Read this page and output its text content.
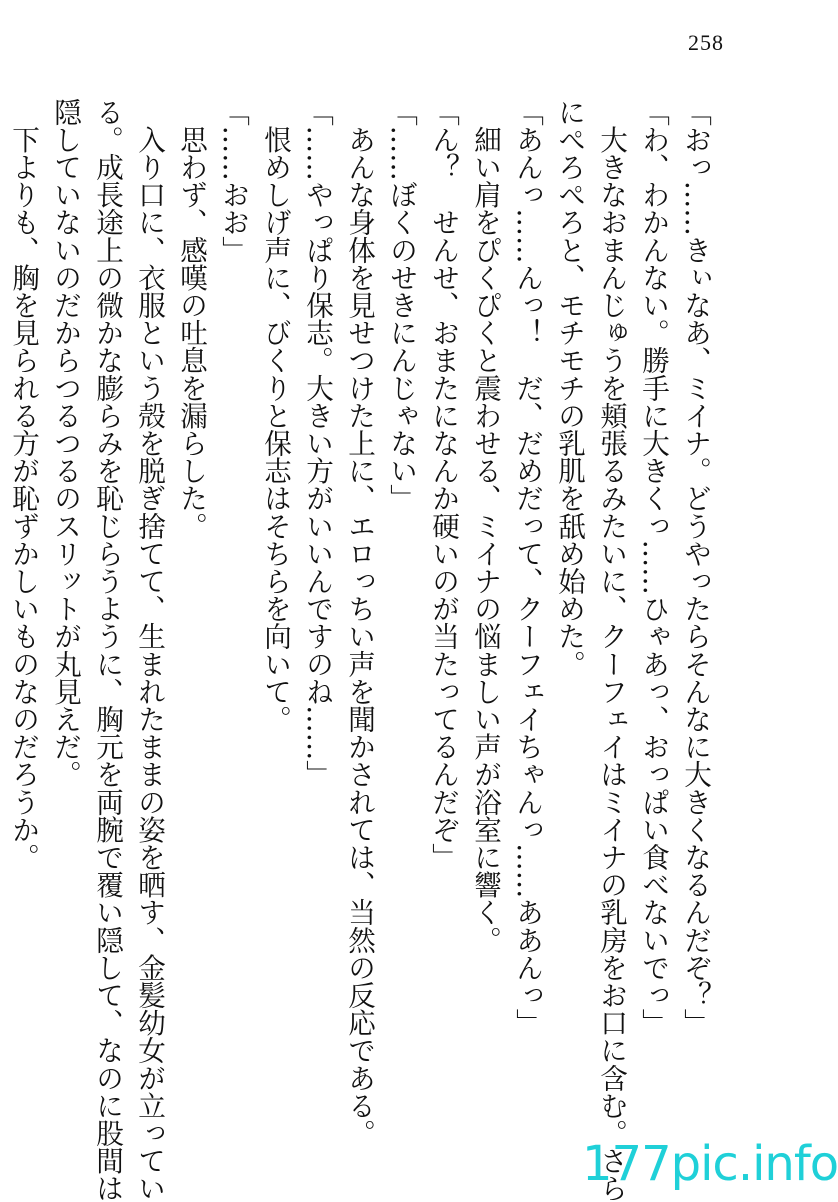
258
「おっ……きぃなあ、ミイナ。どうやったらそんなに大きくなるんだぞ？」
「わ、わかんない。勝手に大きくっ……ひゃあっ、おっぱい食べないでっ」
　大きなおまんじゅうを頬張るみたいに、クーフェイはミイナの乳房をお口に含む。さら
にぺろぺろと、モチモチの乳肌を舐め始めた。
「あんっ……んっ！　だ、だめだって、クーフェイちゃんっ……ああんっ」
　細い肩をぴくぴくと震わせる、ミイナの悩ましい声が浴室に響く。
「ん？　せんせ、おまたになんか硬いのが当たってるんだぞ」
「……ぼくのせきにんじゃない」
　あんな身体を見せつけた上に、エロっちい声を聞かされては、当然の反応である。
「……やっぱり保志。大きい方がいいんですのね……」
　恨めしげ声に、びくりと保志はそちらを向いて。
「……おお」
　思わず、感嘆の吐息を漏らした。
　入り口に、衣服という殻を脱ぎ捨てて、生まれたままの姿を晒す、金髪幼女が立ってい
る。成長途上の微かな膨らみを恥じらうように、胸元を両腕で覆い隠して、なのに股間は
隠していないのだからつるつるのスリットが丸見えだ。
　下よりも、胸を見られる方が恥ずかしいものなのだろうか。
177pic.info
